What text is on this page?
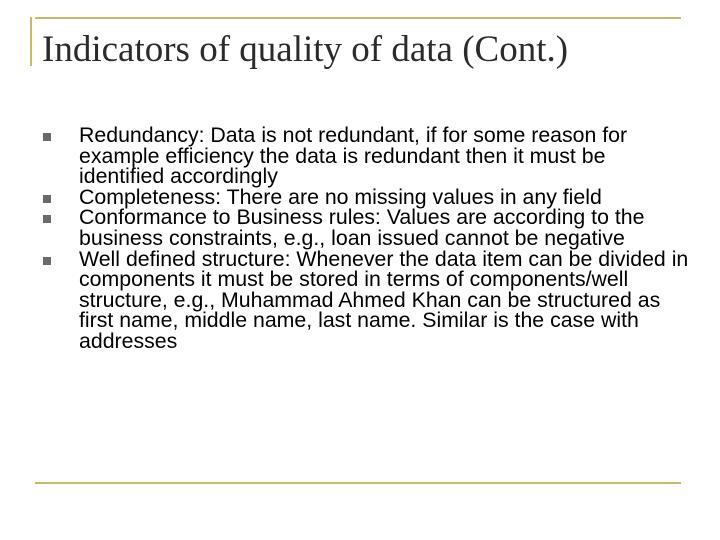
Indicators of quality of data (Cont.)
Redundancy: Data is not redundant, if for some reason for example efficiency the data is redundant then it must be identified accordingly
Completeness: There are no missing values in any field
Conformance to Business rules: Values are according to the business constraints, e.g., loan issued cannot be negative
Well defined structure: Whenever the data item can be divided in components it must be stored in terms of components/well structure, e.g., Muhammad Ahmed Khan can be structured as first name, middle name, last name. Similar is the case with addresses
